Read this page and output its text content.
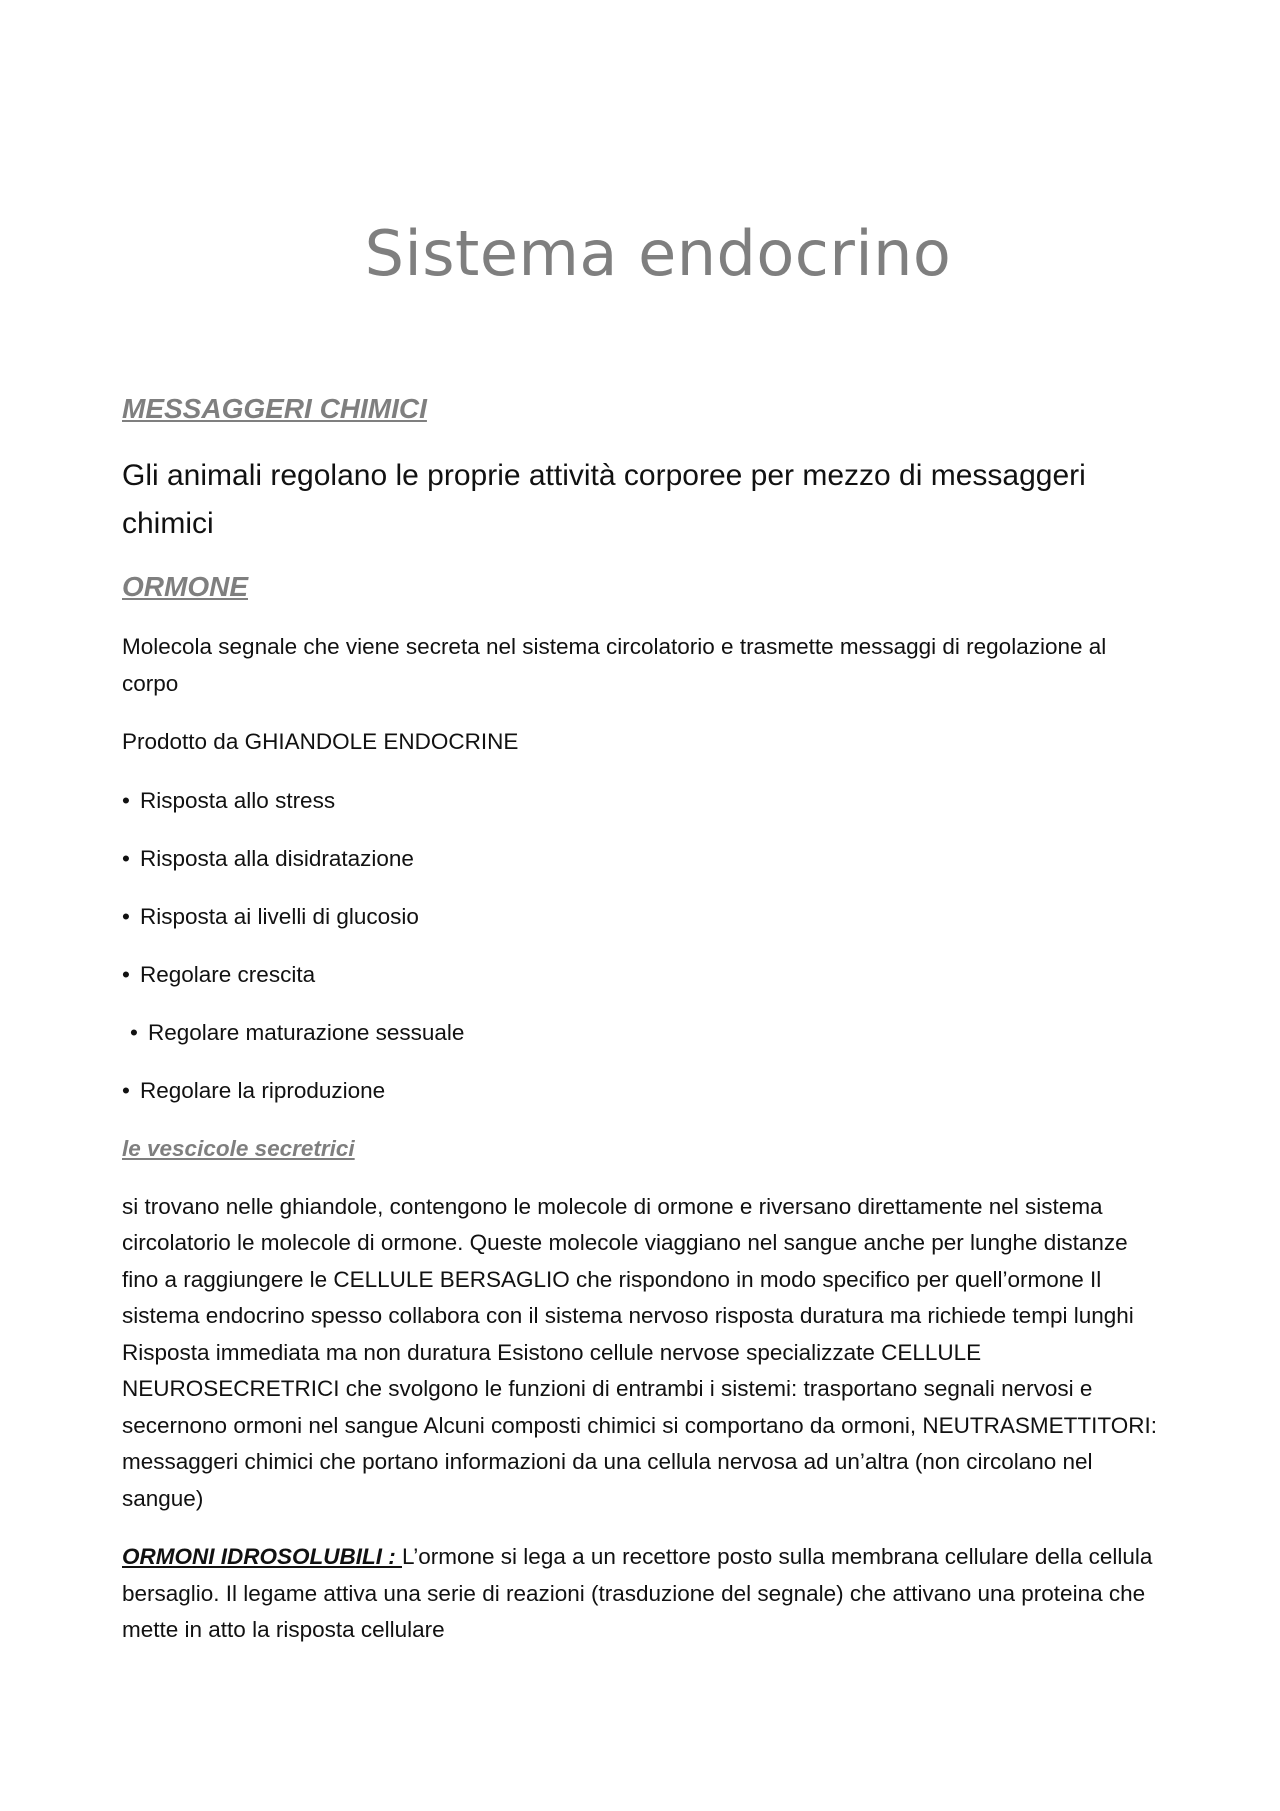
Sistema endocrino
MESSAGGERI CHIMICI

Gli animali regolano le proprie attività corporee per mezzo di messaggeri chimici

ORMONE

Molecola segnale che viene secreta nel sistema circolatorio e trasmette messaggi di regolazione al corpo

Prodotto da GHIANDOLE ENDOCRINE

• Risposta allo stress
• Risposta alla disidratazione
• Risposta ai livelli di glucosio
• Regolare crescita
• Regolare maturazione sessuale
• Regolare la riproduzione
le vescicole secretrici

si trovano nelle ghiandole, contengono le molecole di ormone e riversano direttamente nel sistema circolatorio le molecole di ormone. Queste molecole viaggiano nel sangue anche per lunghe distanze fino a raggiungere le CELLULE BERSAGLIO che rispondono in modo specifico per quell’ormone Il sistema endocrino spesso collabora con il sistema nervoso risposta duratura ma richiede tempi lunghi Risposta immediata ma non duratura Esistono cellule nervose specializzate CELLULE NEUROSECRETRICI che svolgono le funzioni di entrambi i sistemi: trasportano segnali nervosi e secernono ormoni nel sangue Alcuni composti chimici si comportano da ormoni, NEUTRASMETTITORI: messaggeri chimici che portano informazioni da una cellula nervosa ad un’altra (non circolano nel sangue)

ORMONI IDROSOLUBILI : L’ormone si lega a un recettore posto sulla membrana cellulare della cellula bersaglio. Il legame attiva una serie di reazioni (trasduzione del segnale) che attivano una proteina che mette in atto la risposta cellulare
